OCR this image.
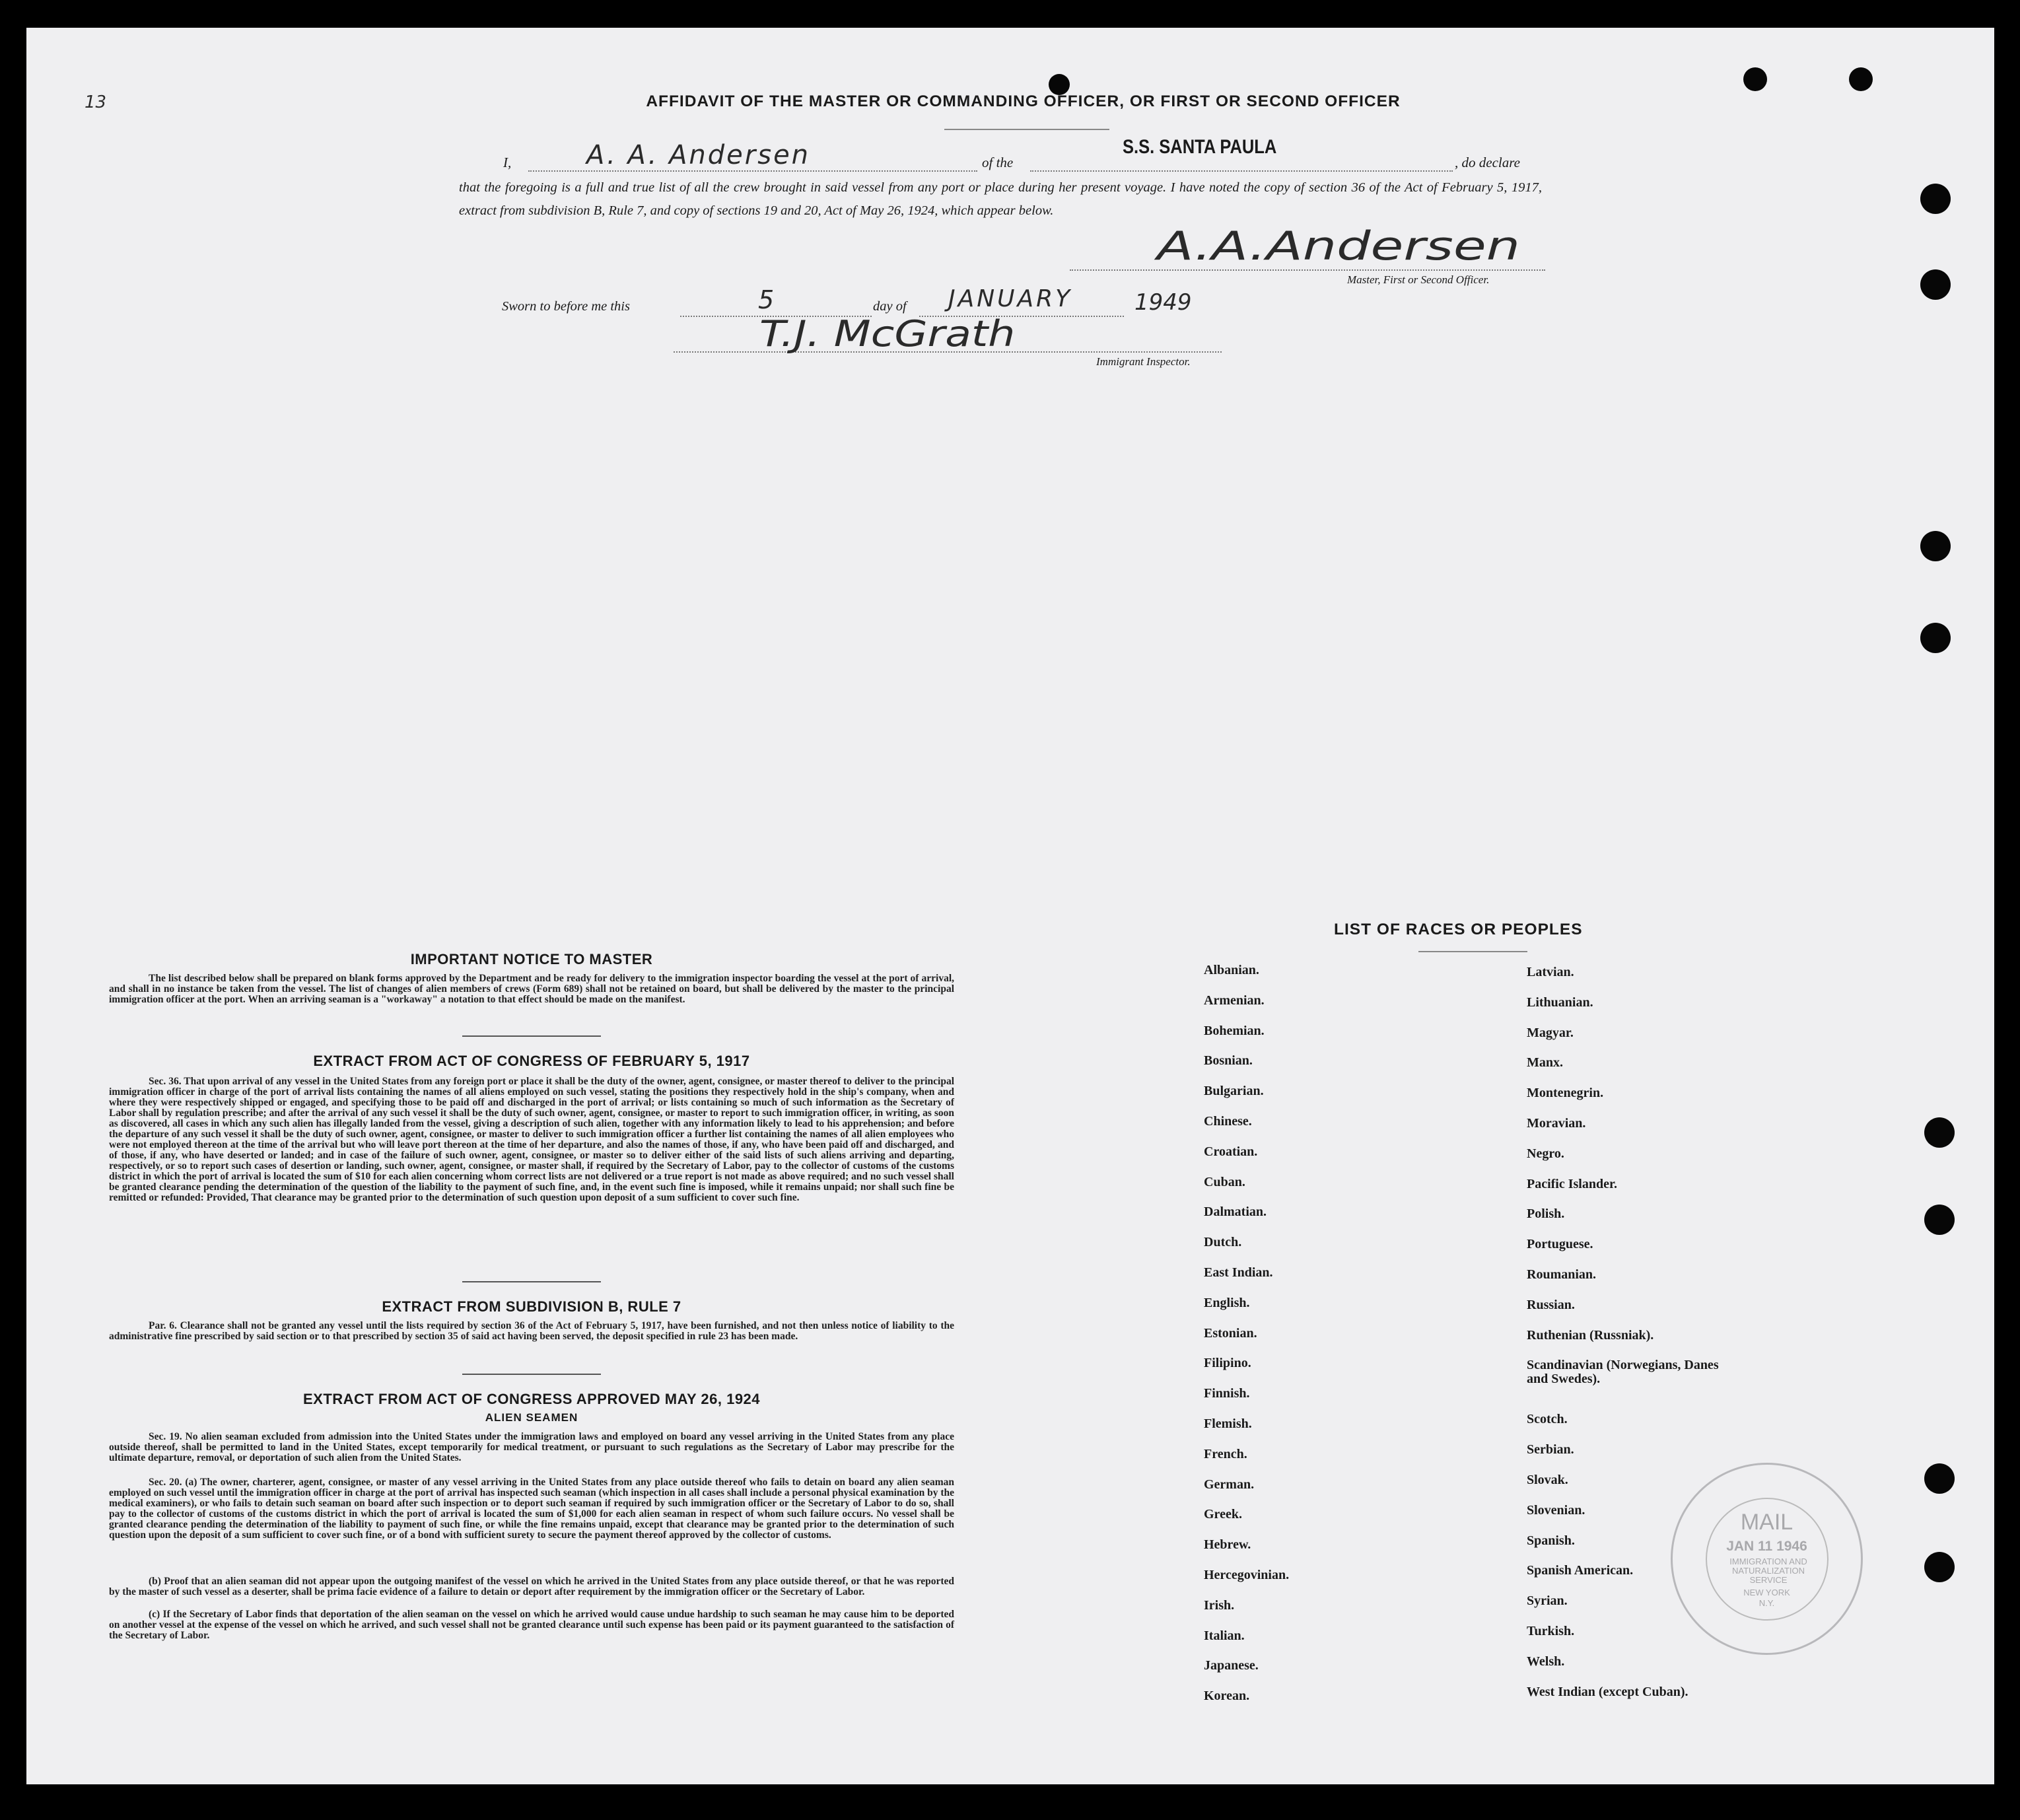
13	AFFIDAVIT OF THE MASTER OR COMMANDING OFFICER, OR FIRST OR SECOND OFFICER
I,	A. A. Andersen	of the
S.S. SANTA PAULA
, do declare
that the foregoing is a full and true list of all the crew brought in said vessel from any port or place during her present voyage. I have noted the copy of section 36 of the Act of February 5, 1917, extract from subdivision B, Rule 7, and copy of sections 19 and 20, Act of May 26, 1924, which appear below.
A.A.Andersen
Master, First or Second Officer.
Sworn to before me this	5	day of JANUARY	1949
T.J. McGrath
Immigrant Inspector.
IMPORTANT NOTICE TO MASTER
The list described below shall be prepared on blank forms approved by the Department and be ready for delivery to the immigration inspector boarding the vessel at the port of arrival, and shall in no instance be taken from the vessel. The list of changes of alien members of crews (Form 689) shall not be retained on board, but shall be delivered by the master to the principal immigration officer at the port. When an arriving seaman is a "workaway" a notation to that effect should be made on the manifest.
EXTRACT FROM ACT OF CONGRESS OF FEBRUARY 5, 1917
Sec. 36. That upon arrival of any vessel in the United States from any foreign port or place it shall be the duty of the owner, agent, consignee, or master thereof to deliver to the principal immigration officer in charge of the port of arrival lists containing the names of all aliens employed on such vessel, stating the positions they respectively hold in the ship's company, when and where they were respectively shipped or engaged, and specifying those to be paid off and discharged in the port of arrival; or lists containing so much of such information as the Secretary of Labor shall by regulation prescribe; and after the arrival of any such vessel it shall be the duty of such owner, agent, consignee, or master to report to such immigration officer, in writing, as soon as discovered, all cases in which any such alien has illegally landed from the vessel, giving a description of such alien, together with any information likely to lead to his apprehension; and before the departure of any such vessel it shall be the duty of such owner, agent, consignee, or master to deliver to such immigration officer a further list containing the names of all alien employees who were not employed thereon at the time of the arrival but who will leave port thereon at the time of her departure, and also the names of those, if any, who have been paid off and discharged, and of those, if any, who have deserted or landed; and in case of the failure of such owner, agent, consignee, or master so to deliver either of the said lists of such aliens arriving and departing, respectively, or so to report such cases of desertion or landing, such owner, agent, consignee, or master shall, if required by the Secretary of Labor, pay to the collector of customs of the customs district in which the port of arrival is located the sum of $10 for each alien concerning whom correct lists are not delivered or a true report is not made as above required; and no such vessel shall be granted clearance pending the determination of the question of the liability to the payment of such fine, and, in the event such fine is imposed, while it remains unpaid; nor shall such fine be remitted or refunded: Provided, That clearance may be granted prior to the determination of such question upon deposit of a sum sufficient to cover such fine.
EXTRACT FROM SUBDIVISION B, RULE 7
Par. 6. Clearance shall not be granted any vessel until the lists required by section 36 of the Act of February 5, 1917, have been furnished, and not then unless notice of liability to the administrative fine prescribed by said section or to that prescribed by section 35 of said act having been served, the deposit specified in rule 23 has been made.
EXTRACT FROM ACT OF CONGRESS APPROVED MAY 26, 1924
ALIEN SEAMEN
Sec. 19. No alien seaman excluded from admission into the United States under the immigration laws and employed on board any vessel arriving in the United States from any place outside thereof, shall be permitted to land in the United States, except temporarily for medical treatment, or pursuant to such regulations as the Secretary of Labor may prescribe for the ultimate departure, removal, or deportation of such alien from the United States.
Sec. 20. (a) The owner, charterer, agent, consignee, or master of any vessel arriving in the United States from any place outside thereof who fails to detain on board any alien seaman employed on such vessel until the immigration officer in charge at the port of arrival has inspected such seaman (which inspection in all cases shall include a personal physical examination by the medical examiners), or who fails to detain such seaman on board after such inspection or to deport such seaman if required by such immigration officer or the Secretary of Labor to do so, shall pay to the collector of customs of the customs district in which the port of arrival is located the sum of $1,000 for each alien seaman in respect of whom such failure occurs. No vessel shall be granted clearance pending the determination of the liability to payment of such fine, or while the fine remains unpaid, except that clearance may be granted prior to the determination of such question upon the deposit of a sum sufficient to cover such fine, or of a bond with sufficient surety to secure the payment thereof approved by the collector of customs.
(b) Proof that an alien seaman did not appear upon the outgoing manifest of the vessel on which he arrived in the United States from any place outside thereof, or that he was reported by the master of such vessel as a deserter, shall be prima facie evidence of a failure to detain or deport after requirement by the immigration officer or the Secretary of Labor.
(c) If the Secretary of Labor finds that deportation of the alien seaman on the vessel on which he arrived would cause undue hardship to such seaman he may cause him to be deported on another vessel at the expense of the vessel on which he arrived, and such vessel shall not be granted clearance until such expense has been paid or its payment guaranteed to the satisfaction of the Secretary of Labor.
LIST OF RACES OR PEOPLES
Albanian.
Armenian.
Bohemian.
Bosnian.
Bulgarian.
Chinese.
Croatian.
Cuban.
Dalmatian.
Dutch.
East Indian.
English.
Estonian.
Filipino.
Finnish.
Flemish.
French.
German.
Greek.
Hebrew.
Hercegovinian.
Irish.
Italian.
Japanese.
Korean.
Latvian.
Lithuanian.
Magyar.
Manx.
Montenegrin.
Moravian.
Negro.
Pacific Islander.
Polish.
Portuguese.
Roumanian.
Russian.
Ruthenian (Russniak).
Scandinavian (Norwegians, Danes and Swedes).
Scotch.
Serbian.
Slovak.
Slovenian.
Spanish.
Spanish American.
Syrian.
Turkish.
Welsh.
West Indian (except Cuban).
MAIL
JAN 11 1946
IMMIGRATION AND NATURALIZATION SERVICE
NEW YORK
N.Y.
